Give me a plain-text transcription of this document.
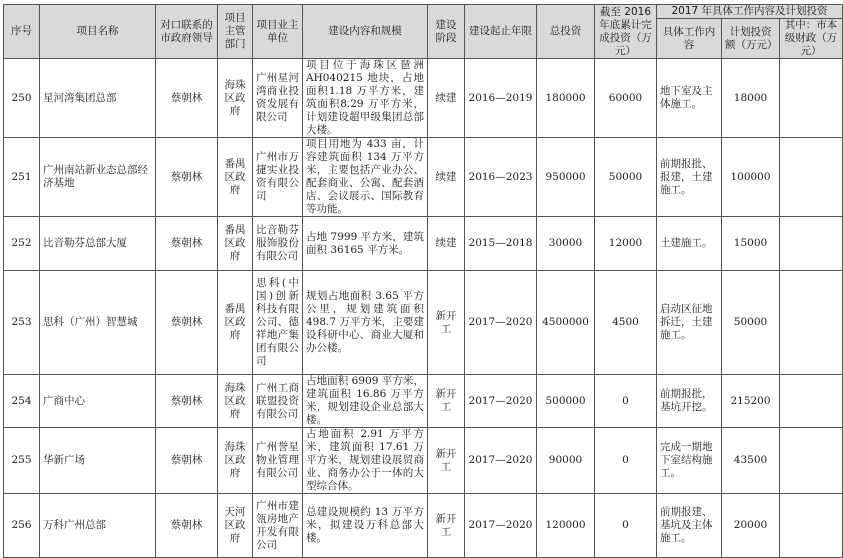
序号	项目名称	对口联系的市政府领导	项目主管部门	项目业主单位	建设内容和规模	建设阶段	建设起止年限	总投资	截至 2016 年底累计完成投资（万元）	2017 年具体工作内容及计划投资		
										具体工作内容	计划投资额（万元）	其中：市本级财政（万元）
250	星河湾集团总部	蔡朝林	海珠区政府	广州星河湾商业投资发展有限公司	项目位于海珠区琶洲AH040215 地块，占地面积1.18 万平方米，建筑面积8.29 万平方米，计划建设超甲级集团总部大楼。	续建	2016—2019	180000	60000	地下室及主体施工。	18000	
251	广州南站新业态总部经济基地	蔡朝林	番禺区政府	广州市万捷实业投资有限公司	项目用地为 433 亩，计容建筑面积 134 万平方米，主要包括产业办公、配套商业、公寓、配套酒店、会议展示、国际教育等功能。	续建	2016—2023	950000	50000	前期报批、报建，土建施工。	100000	
252	比音勒芬总部大厦	蔡朝林	番禺区政府	比音勒芬服饰股份有限公司	占地 7999 平方米，建筑面积 36165 平方米。	续建	2015—2018	30000	12000	土建施工。	15000	
253	思科（广州）智慧城	蔡朝林	番禺区政府	思科(中国)创新科技有限公司、德祥地产集团有限公司	规划占地面积 3.65 平方公里，规划建筑面积 498.7 万平方米，主要建设科研中心、商业大厦和办公楼。	新开工	2017—2020	4500000	4500	启动区征地拆迁，土建施工。	50000	
254	广商中心	蔡朝林	海珠区政府	广州工商联盟投资有限公司	占地面积 6909 平方米，建筑面积 16.86 万平方米，规划建设企业总部大楼。	新开工	2017—2020	500000	0	前期报批，基坑开挖。	215200	
255	华新广场	蔡朝林	海珠区政府	广州誉星物业管理有限公司	占地面积 2.91 万平方米，建筑面积 17.61 万平方米，规划建设展贸商业、商务办公于一体的大型综合体。	新开工	2017—2020	90000	0	完成一期地下室结构施工。	43500	
256	万科广州总部	蔡朝林	天河区政府	广州市建瓴房地产开发有限公司	总建设规模约 13 万平方米，拟建设万科总部大楼。	新开工	2017—2020	120000	0	前期报建、基坑及主体施工。	20000	
